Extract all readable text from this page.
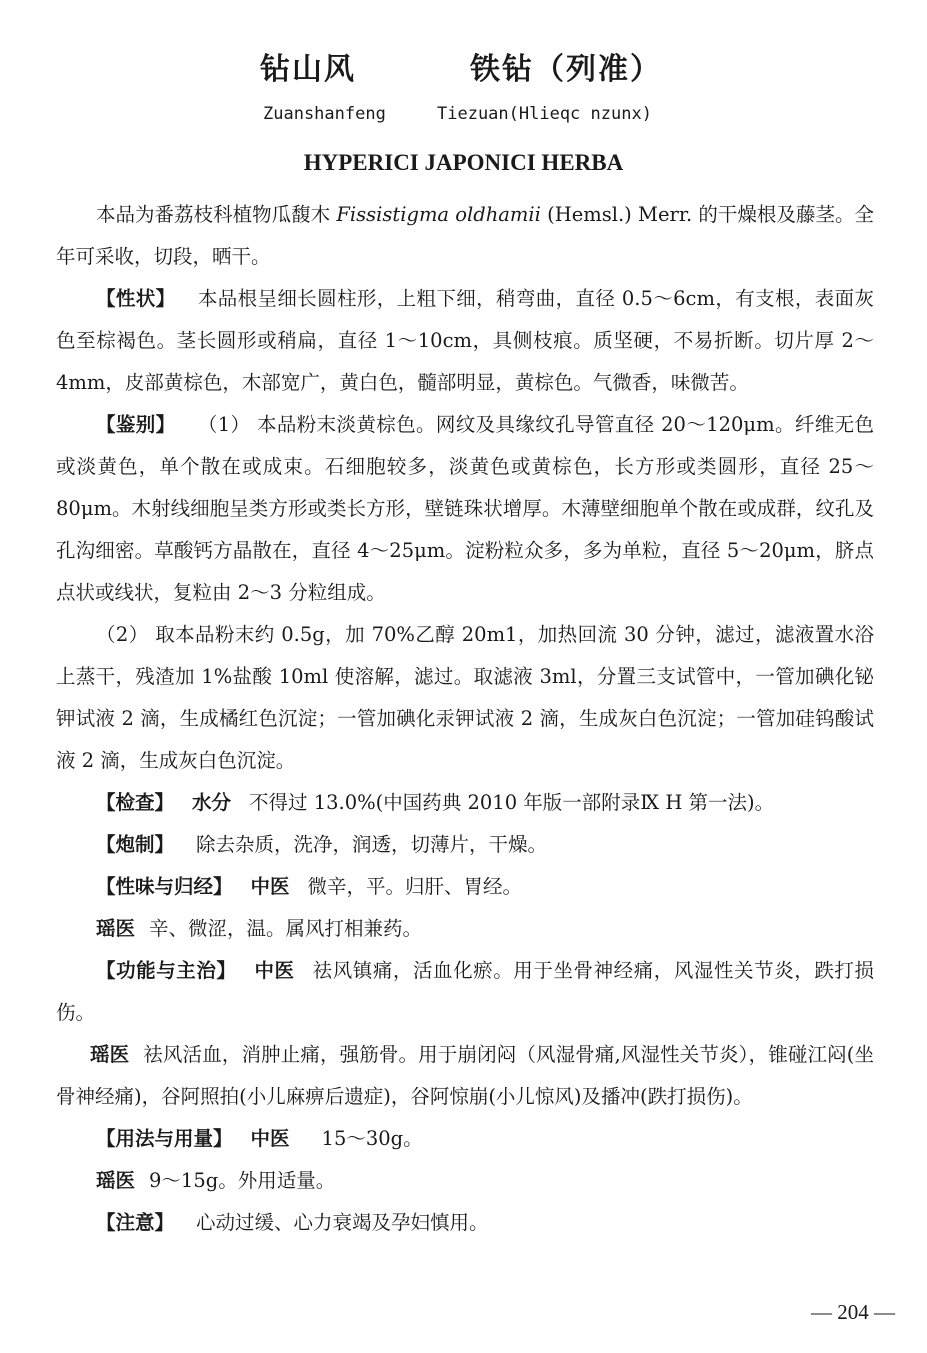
钻山风	铁钻（列准）
Zuanshanfeng	Tiezuan(Hlieqc nzunx)
HYPERICI JAPONICI HERBA

本品为番荔枝科植物瓜馥木 Fissistigma oldhamii (Hemsl.) Merr. 的干燥根及藤茎。全年可采收，切段，晒干。

【性状】 本品根呈细长圆柱形，上粗下细，稍弯曲，直径 0.5～6cm，有支根，表面灰色至棕褐色。茎长圆形或稍扁，直径 1～10cm，具侧枝痕。质坚硬，不易折断。切片厚 2～4mm，皮部黄棕色，木部宽广，黄白色，髓部明显，黄棕色。气微香，味微苦。

【鉴别】 （1） 本品粉末淡黄棕色。网纹及具缘纹孔导管直径 20～120μm。纤维无色或淡黄色，单个散在或成束。石细胞较多，淡黄色或黄棕色，长方形或类圆形，直径 25～80μm。木射线细胞呈类方形或类长方形，壁链珠状增厚。木薄壁细胞单个散在或成群，纹孔及孔沟细密。草酸钙方晶散在，直径 4～25μm。淀粉粒众多，多为单粒，直径 5～20μm，脐点点状或线状，复粒由 2～3 分粒组成。

（2） 取本品粉末约 0.5g，加 70%乙醇 20m1，加热回流 30 分钟，滤过，滤液置水浴上蒸干，残渣加 1%盐酸 10ml 使溶解，滤过。取滤液 3ml，分置三支试管中，一管加碘化铋钾试液 2 滴，生成橘红色沉淀；一管加碘化汞钾试液 2 滴，生成灰白色沉淀；一管加硅钨酸试液 2 滴，生成灰白色沉淀。

【检查】 水分 不得过 13.0%(中国药典 2010 年版一部附录Ⅸ H 第一法)。

【炮制】 除去杂质，洗净，润透，切薄片，干燥。

【性味与归经】 中医 微辛，平。归肝、胃经。

瑶医 辛、微涩，温。属风打相兼药。

【功能与主治】 中医 祛风镇痛，活血化瘀。用于坐骨神经痛，风湿性关节炎，跌打损伤。

瑶医 祛风活血，消肿止痛，强筋骨。用于崩闭闷（风湿骨痛,风湿性关节炎），锥碰江闷(坐骨神经痛)，谷阿照拍(小儿麻痹后遗症)，谷阿惊崩(小儿惊风)及播冲(跌打损伤)。

【用法与用量】 中医 15～30g。

瑶医 9～15g。外用适量。

【注意】 心动过缓、心力衰竭及孕妇慎用。

— 204 —
